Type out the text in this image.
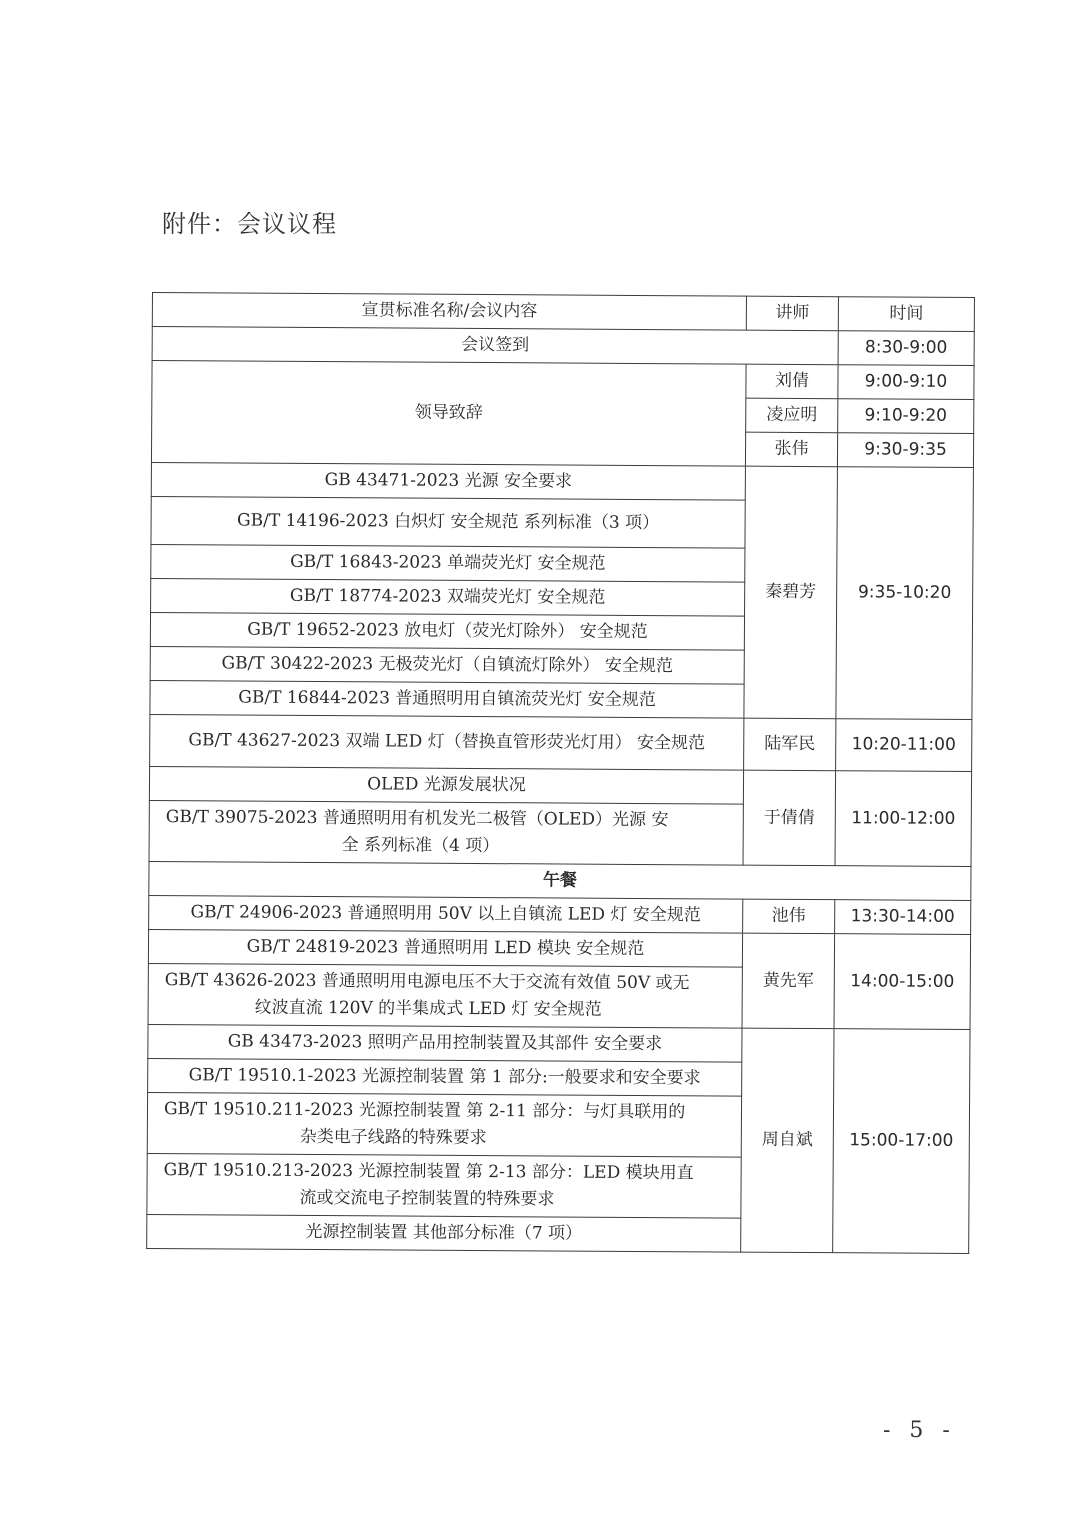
附件：会议议程
宣贯标准名称/会议内容	讲师	时间
会议签到		8:30-9:00
领导致辞	刘倩	9:00-9:10
	凌应明	9:10-9:20
	张伟	9:30-9:35
GB 43471-2023 光源 安全要求	秦碧芳	9:35-10:20
GB/T 14196-2023 白炽灯 安全规范 系列标准（3 项）		
GB/T 16843-2023 单端荧光灯 安全规范		
GB/T 18774-2023 双端荧光灯 安全规范		
GB/T 19652-2023 放电灯（荧光灯除外） 安全规范		
GB/T 30422-2023 无极荧光灯（自镇流灯除外） 安全规范		
GB/T 16844-2023 普通照明用自镇流荧光灯 安全规范		
GB/T 43627-2023 双端 LED 灯（替换直管形荧光灯用） 安全规范	陆军民	10:20-11:00
OLED 光源发展状况	于倩倩	11:00-12:00

GB/T 39075-2023 普通照明用有机发光二极管（OLED）光源 安
全 系列标准（4 项）		

午餐		
GB/T 24906-2023 普通照明用 50V 以上自镇流 LED 灯 安全规范	池伟	13:30-14:00
GB/T 24819-2023 普通照明用 LED 模块 安全规范	黄先军	14:00-15:00

GB/T 43626-2023 普通照明用电源电压不大于交流有效值 50V 或无
纹波直流 120V 的半集成式 LED 灯 安全规范		

GB 43473-2023 照明产品用控制装置及其部件 安全要求	周自斌	15:00-17:00
GB/T 19510.1-2023 光源控制装置 第 1 部分:一般要求和安全要求		

GB/T 19510.211-2023 光源控制装置 第 2-11 部分：与灯具联用的
杂类电子线路的特殊要求		

GB/T 19510.213-2023 光源控制装置 第 2-13 部分：LED 模块用直
流或交流电子控制装置的特殊要求		

光源控制装置 其他部分标准（7 项）		
- 5 -
